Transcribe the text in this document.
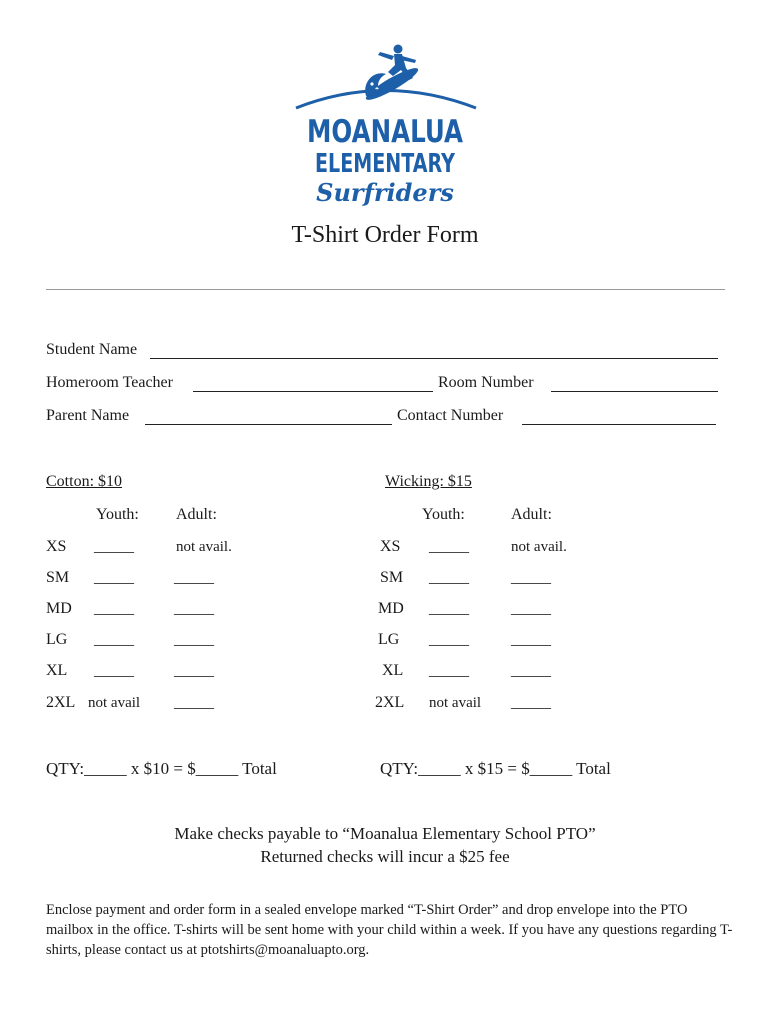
MOANALUA
ELEMENTARY
Surfriders
T-Shirt Order Form
Student Name
Homeroom Teacher	Room Number
Parent Name	Contact Number
Cotton: $10
Youth: Adult:
XS _____	not avail.
SM _____	_____
MD _____	_____
LG _____	_____
XL _____	_____
2XL not avail _____
QTY:_____ x $10 = $_____ Total
Wicking: $15
Youth:	Adult:
XS _____	not avail.
SM _____	_____
MD _____	_____
LG _____	_____
XL _____	_____
2XL not avail _____
QTY:_____ x $15 = $_____ Total
Make checks payable to “Moanalua Elementary School PTO”
Returned checks will incur a $25 fee
Enclose payment and order form in a sealed envelope marked “T-Shirt Order” and drop envelope into the PTO mailbox in the office. T-shirts will be sent home with your child within a week. If you have any questions regarding T-shirts, please contact us at ptotshirts@moanaluapto.org.
